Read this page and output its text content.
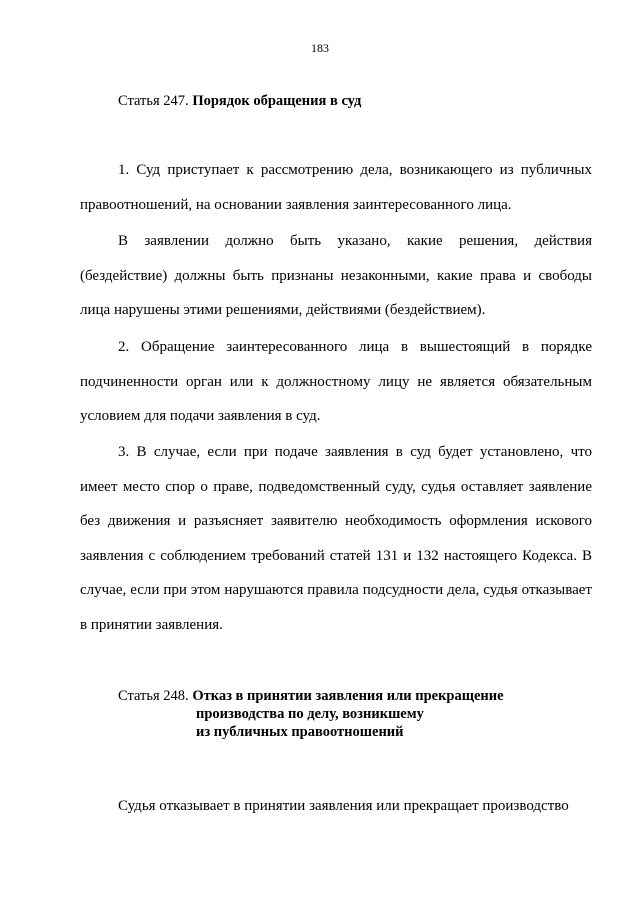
183
Статья 247. Порядок обращения в суд

1. Суд приступает к рассмотрению дела, возникающего из публичных правоотношений, на основании заявления заинтересованного лица.

В заявлении должно быть указано, какие решения, действия (бездействие) должны быть признаны незаконными, какие права и свободы лица нарушены этими решениями, действиями (бездействием).

2. Обращение заинтересованного лица в вышестоящий в порядке подчиненности орган или к должностному лицу не является обязательным условием для подачи заявления в суд.

3. В случае, если при подаче заявления в суд будет установлено, что имеет место спор о праве, подведомственный суду, судья оставляет заявление без движения и разъясняет заявителю необходимость оформления искового заявления с соблюдением требований статей 131 и 132 настоящего Кодекса. В случае, если при этом нарушаются правила подсудности дела, судья отказывает в принятии заявления.

Статья 248. Отказ в принятии заявления или прекращение
производства по делу, возникшему
из публичных правоотношений

Судья отказывает в принятии заявления или прекращает производство
